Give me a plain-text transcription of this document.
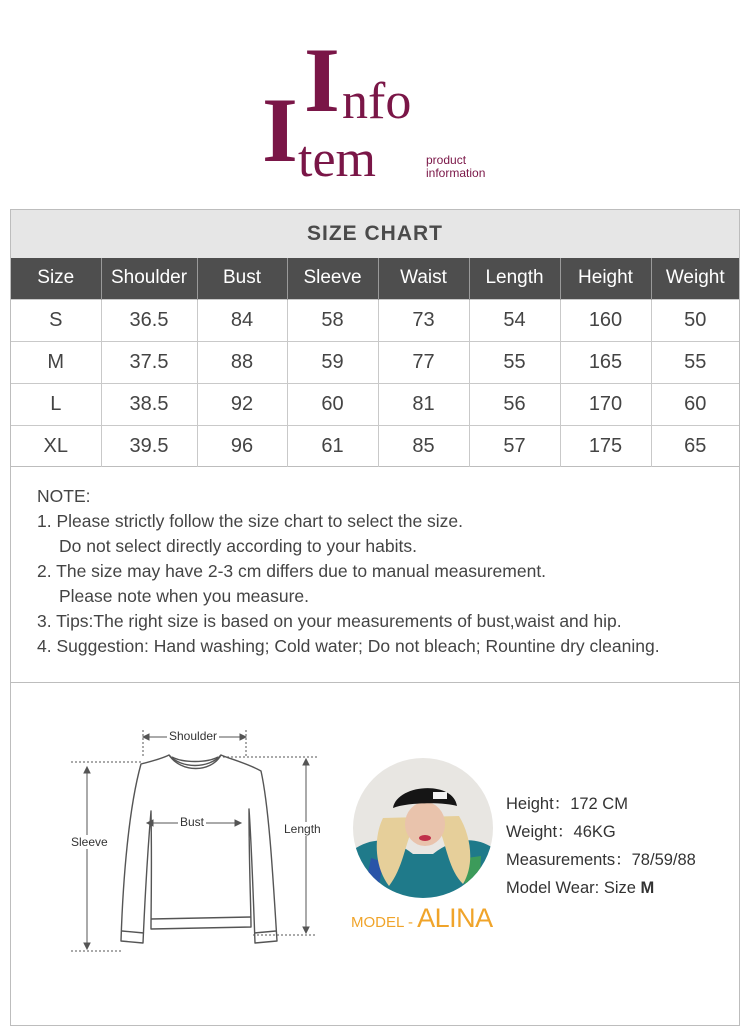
I nfo
I tem	product
information
SIZE CHART
Size	Shoulder	Bust	Sleeve	Waist	Length	Height	Weight
S	36.5	84	58	73	54	160	50
M	37.5	88	59	77	55	165	55
L	38.5	92	60	81	56	170	60
XL	39.5	96	61	85	57	175	65
NOTE:
1. Please strictly follow the size chart to select the size.
Do not select directly according to your habits.
2. The size may have 2-3 cm differs due to manual measurement.
Please note when you measure.
3. Tips:The right size is based on your measurements of bust,waist and hip.
4. Suggestion: Hand washing; Cold water; Do not bleach; Rountine dry cleaning.
Shoulder
Bust
Sleeve
Length
MODEL - ALINA
Height：172 CM
Weight：46KG
Measurements：78/59/88
Model Wear: Size M
